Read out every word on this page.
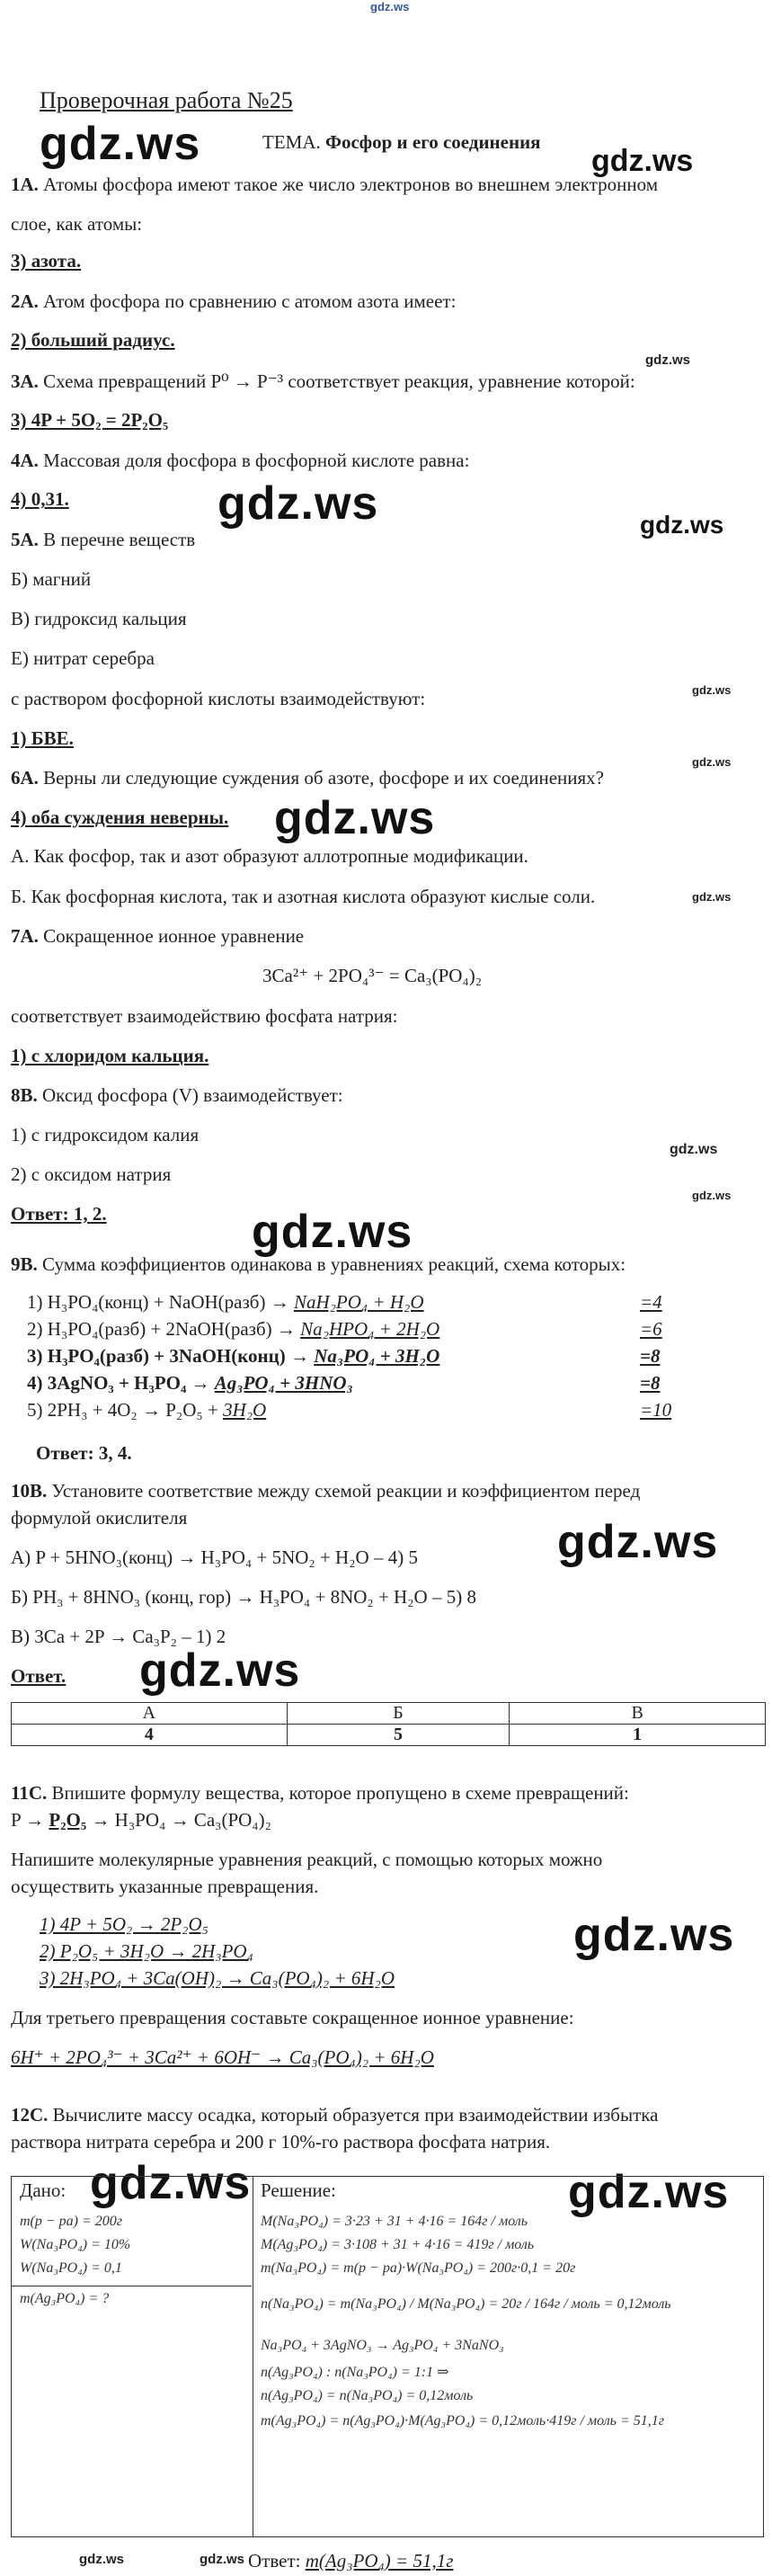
gdz.ws
gdz.ws	gdz.ws
gdz.ws
gdz.ws	gdz.ws
gdz.ws
gdz.ws
gdz.ws
gdz.ws
gdz.ws
gdz.ws
gdz.ws
gdz.ws
gdz.ws
gdz.ws
gdz.ws	gdz.ws
gdz.ws	gdz.ws
Проверочная работа №25
ТЕМА. Фосфор и его соединения
1А. Атомы фосфора имеют такое же число электронов во внешнем электронном
слое, как атомы:
3) азота.
2А. Атом фосфора по сравнению с атомом азота имеет:
2) больший радиус.
3А. Схема превращений P⁰ → P⁻³ соответствует реакция, уравнение которой:
3) 4P + 5O₂ = 2P₂O₅
4А. Массовая доля фосфора в фосфорной кислоте равна:
4) 0,31.
5А. В перечне веществ
Б) магний
В) гидроксид кальция
Е) нитрат серебра
с раствором фосфорной кислоты взаимодействуют:
1) БВЕ.
6А. Верны ли следующие суждения об азоте, фосфоре и их соединениях?
4) оба суждения неверны.
А. Как фосфор, так и азот образуют аллотропные модификации.
Б. Как фосфорная кислота, так и азотная кислота образуют кислые соли.
7А. Сокращенное ионное уравнение
3Ca²⁺ + 2PO₄³⁻ = Ca₃(PO₄)₂
соответствует взаимодействию фосфата натрия:
1) с хлоридом кальция.
8В. Оксид фосфора (V) взаимодействует:
1) с гидроксидом калия
2) с оксидом натрия
Ответ: 1, 2.
9В. Сумма коэффициентов одинакова в уравнениях реакций, схема которых:
1) H₃PO₄(конц) + NaOH(разб) → NaH₂PO₄ + H₂O	=4
2) H₃PO₄(разб) + 2NaOH(разб) → Na₂HPO₄ + 2H₂O	=6
3) H₃PO₄(разб) + 3NaOH(конц) → Na₃PO₄ + 3H₂O	=8
4) 3AgNO₃ + H₃PO₄ → Ag₃PO₄ + 3HNO₃	=8
5) 2PH₃ + 4O₂ → P₂O₅ + 3H₂O	=10
Ответ: 3, 4.
10В. Установите соответствие между схемой реакции и коэффициентом перед
формулой окислителя
А) P + 5HNO₃(конц) → H₃PO₄ + 5NO₂ + H₂O – 4) 5
Б) PH₃ + 8HNO₃ (конц, гор) → H₃PO₄ + 8NO₂ + H₂O – 5) 8
В) 3Ca + 2P → Ca₃P₂ – 1) 2
Ответ.
А	Б	В
4	5	1
11С. Впишите формулу вещества, которое пропущено в схеме превращений:
P → P₂O₅ → H₃PO₄ → Ca₃(PO₄)₂
Напишите молекулярные уравнения реакций, с помощью которых можно
осуществить указанные превращения.
1) 4P + 5O₂ → 2P₂O₅
2) P₂O₅ + 3H₂O → 2H₃PO₄
3) 2H₃PO₄ + 3Ca(OH)₂ → Ca₃(PO₄)₂ + 6H₂O
Для третьего превращения составьте сокращенное ионное уравнение:
6H⁺ + 2PO₄³⁻ + 3Ca²⁺ + 6OH⁻ → Ca₃(PO₄)₂ + 6H₂O
12С. Вычислите массу осадка, который образуется при взаимодействии избытка
раствора нитрата серебра и 200 г 10%-го раствора фосфата натрия.
Дано:	Решение:
m(p − pa) = 200г
W(Na₃PO₄) = 10%
W(Na₃PO₄) = 0,1
m(Ag₃PO₄) = ?
M(Na₃PO₄) = 3·23 + 31 + 4·16 = 164г / моль
M(Ag₃PO₄) = 3·108 + 31 + 4·16 = 419г / моль
m(Na₃PO₄) = m(p − pa)·W(Na₃PO₄) = 200г·0,1 = 20г
n(Na₃PO₄) = m(Na₃PO₄) / M(Na₃PO₄) = 20г / 164г / моль = 0,12моль
Na₃PO₄ + 3AgNO₃ → Ag₃PO₄ + 3NaNO₃
n(Ag₃PO₄) : n(Na₃PO₄) = 1:1 ⇒
n(Ag₃PO₄) = n(Na₃PO₄) = 0,12моль
m(Ag₃PO₄) = n(Ag₃PO₄)·M(Ag₃PO₄) = 0,12моль·419г / моль = 51,1г
Ответ: m(Ag₃PO₄) = 51,1г
